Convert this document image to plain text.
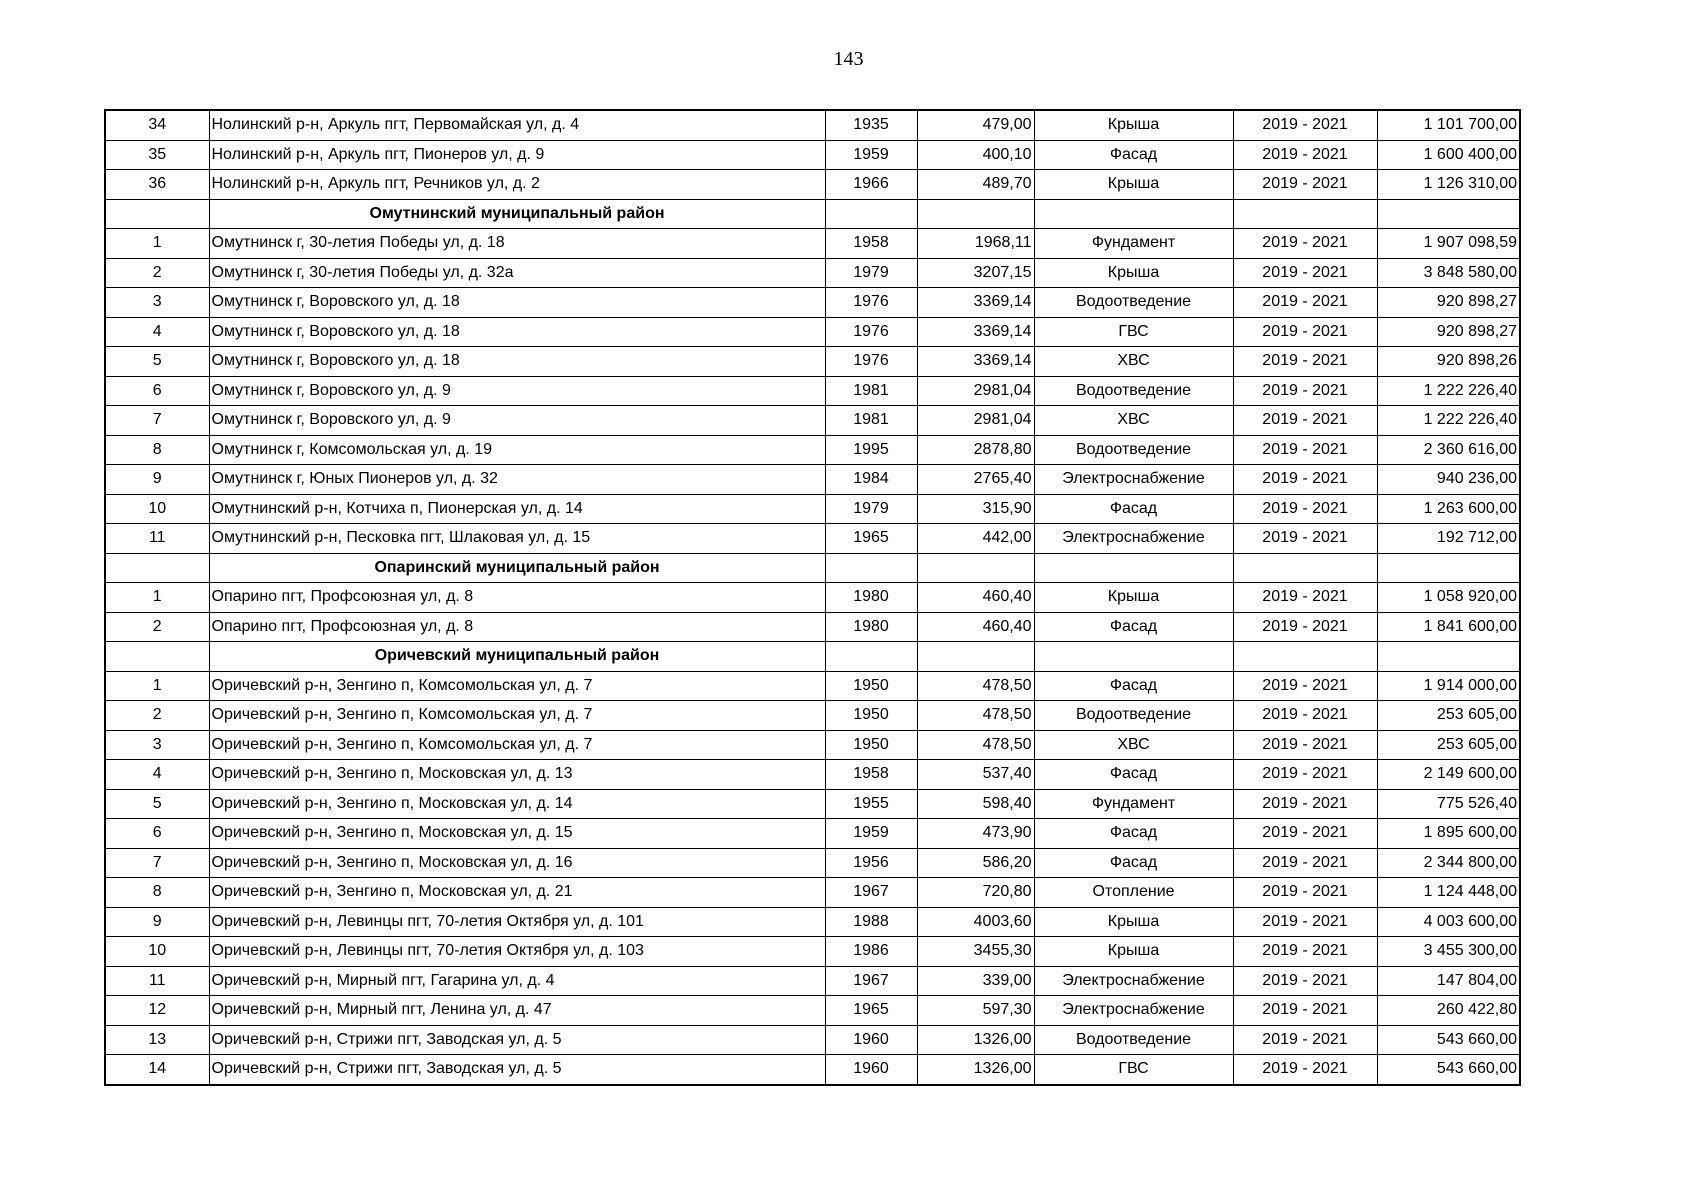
143
34	Нолинский р-н, Аркуль пгт, Первомайская ул, д. 4	1935	479,00	Крыша	2019 - 2021	1 101 700,00
35	Нолинский р-н, Аркуль пгт, Пионеров ул, д. 9	1959	400,10	Фасад	2019 - 2021	1 600 400,00
36	Нолинский р-н, Аркуль пгт, Речников ул, д. 2	1966	489,70	Крыша	2019 - 2021	1 126 310,00
	Омутнинский муниципальный район					
1	Омутнинск г, 30-летия Победы ул, д. 18	1958	1968,11	Фундамент	2019 - 2021	1 907 098,59
2	Омутнинск г, 30-летия Победы ул, д. 32а	1979	3207,15	Крыша	2019 - 2021	3 848 580,00
3	Омутнинск г, Воровского ул, д. 18	1976	3369,14	Водоотведение	2019 - 2021	920 898,27
4	Омутнинск г, Воровского ул, д. 18	1976	3369,14	ГВС	2019 - 2021	920 898,27
5	Омутнинск г, Воровского ул, д. 18	1976	3369,14	ХВС	2019 - 2021	920 898,26
6	Омутнинск г, Воровского ул, д. 9	1981	2981,04	Водоотведение	2019 - 2021	1 222 226,40
7	Омутнинск г, Воровского ул, д. 9	1981	2981,04	ХВС	2019 - 2021	1 222 226,40
8	Омутнинск г, Комсомольская ул, д. 19	1995	2878,80	Водоотведение	2019 - 2021	2 360 616,00
9	Омутнинск г, Юных Пионеров ул, д. 32	1984	2765,40	Электроснабжение	2019 - 2021	940 236,00
10	Омутнинский р-н, Котчиха п, Пионерская ул, д. 14	1979	315,90	Фасад	2019 - 2021	1 263 600,00
11	Омутнинский р-н, Песковка пгт, Шлаковая ул, д. 15	1965	442,00	Электроснабжение	2019 - 2021	192 712,00
	Опаринский муниципальный район					
1	Опарино пгт, Профсоюзная ул, д. 8	1980	460,40	Крыша	2019 - 2021	1 058 920,00
2	Опарино пгт, Профсоюзная ул, д. 8	1980	460,40	Фасад	2019 - 2021	1 841 600,00
	Оричевский муниципальный район					
1	Оричевский р-н, Зенгино п, Комсомольская ул, д. 7	1950	478,50	Фасад	2019 - 2021	1 914 000,00
2	Оричевский р-н, Зенгино п, Комсомольская ул, д. 7	1950	478,50	Водоотведение	2019 - 2021	253 605,00
3	Оричевский р-н, Зенгино п, Комсомольская ул, д. 7	1950	478,50	ХВС	2019 - 2021	253 605,00
4	Оричевский р-н, Зенгино п, Московская ул, д. 13	1958	537,40	Фасад	2019 - 2021	2 149 600,00
5	Оричевский р-н, Зенгино п, Московская ул, д. 14	1955	598,40	Фундамент	2019 - 2021	775 526,40
6	Оричевский р-н, Зенгино п, Московская ул, д. 15	1959	473,90	Фасад	2019 - 2021	1 895 600,00
7	Оричевский р-н, Зенгино п, Московская ул, д. 16	1956	586,20	Фасад	2019 - 2021	2 344 800,00
8	Оричевский р-н, Зенгино п, Московская ул, д. 21	1967	720,80	Отопление	2019 - 2021	1 124 448,00
9	Оричевский р-н, Левинцы пгт, 70-летия Октября ул, д. 101	1988	4003,60	Крыша	2019 - 2021	4 003 600,00
10	Оричевский р-н, Левинцы пгт, 70-летия Октября ул, д. 103	1986	3455,30	Крыша	2019 - 2021	3 455 300,00
11	Оричевский р-н, Мирный пгт, Гагарина ул, д. 4	1967	339,00	Электроснабжение	2019 - 2021	147 804,00
12	Оричевский р-н, Мирный пгт, Ленина ул, д. 47	1965	597,30	Электроснабжение	2019 - 2021	260 422,80
13	Оричевский р-н, Стрижи пгт, Заводская ул, д. 5	1960	1326,00	Водоотведение	2019 - 2021	543 660,00
14	Оричевский р-н, Стрижи пгт, Заводская ул, д. 5	1960	1326,00	ГВС	2019 - 2021	543 660,00
